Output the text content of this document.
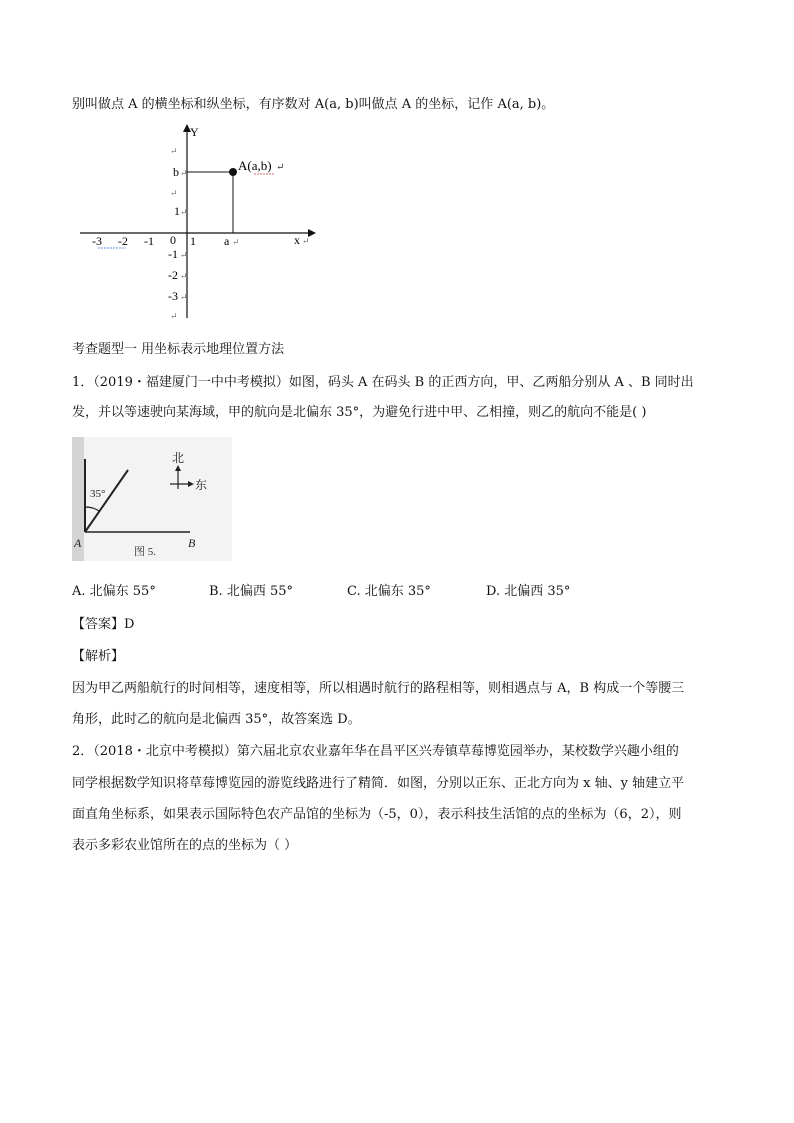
别叫做点 A 的横坐标和纵坐标，有序数对 A(a, b)叫做点 A 的坐标，记作 A(a, b)。
Y
A(a,b) ↵
↵
b ↵
↵
1 ↵
-3 -2 -1 0 1 a ↵	x ↵
-1 ↵
-2 ↵
-3 ↵
↵
考查题型一 用坐标表示地理位置方法
1．（2019・福建厦门一中中考模拟）如图，码头 A 在码头 B 的正西方向，甲、乙两船分别从 A 、B 同时出
发，并以等速驶向某海域，甲的航向是北偏东 35°，为避免行进中甲、乙相撞，则乙的航向不能是( )
35°
A	B
图 5.
北
东
A. 北偏东 55°	B. 北偏西 55°	C. 北偏东 35°	D. 北偏西 35°
【答案】D
【解析】
因为甲乙两船航行的时间相等，速度相等，所以相遇时航行的路程相等，则相遇点与 A，B 构成一个等腰三
角形，此时乙的航向是北偏西 35°，故答案选 D。
2．（2018・北京中考模拟）第六届北京农业嘉年华在昌平区兴寿镇草莓博览园举办，某校数学兴趣小组的
同学根据数学知识将草莓博览园的游览线路进行了精简．如图，分别以正东、正北方向为 x 轴、y 轴建立平
面直角坐标系，如果表示国际特色农产品馆的坐标为（-5，0），表示科技生活馆的点的坐标为（6，2），则
表示多彩农业馆所在的点的坐标为（ ）
